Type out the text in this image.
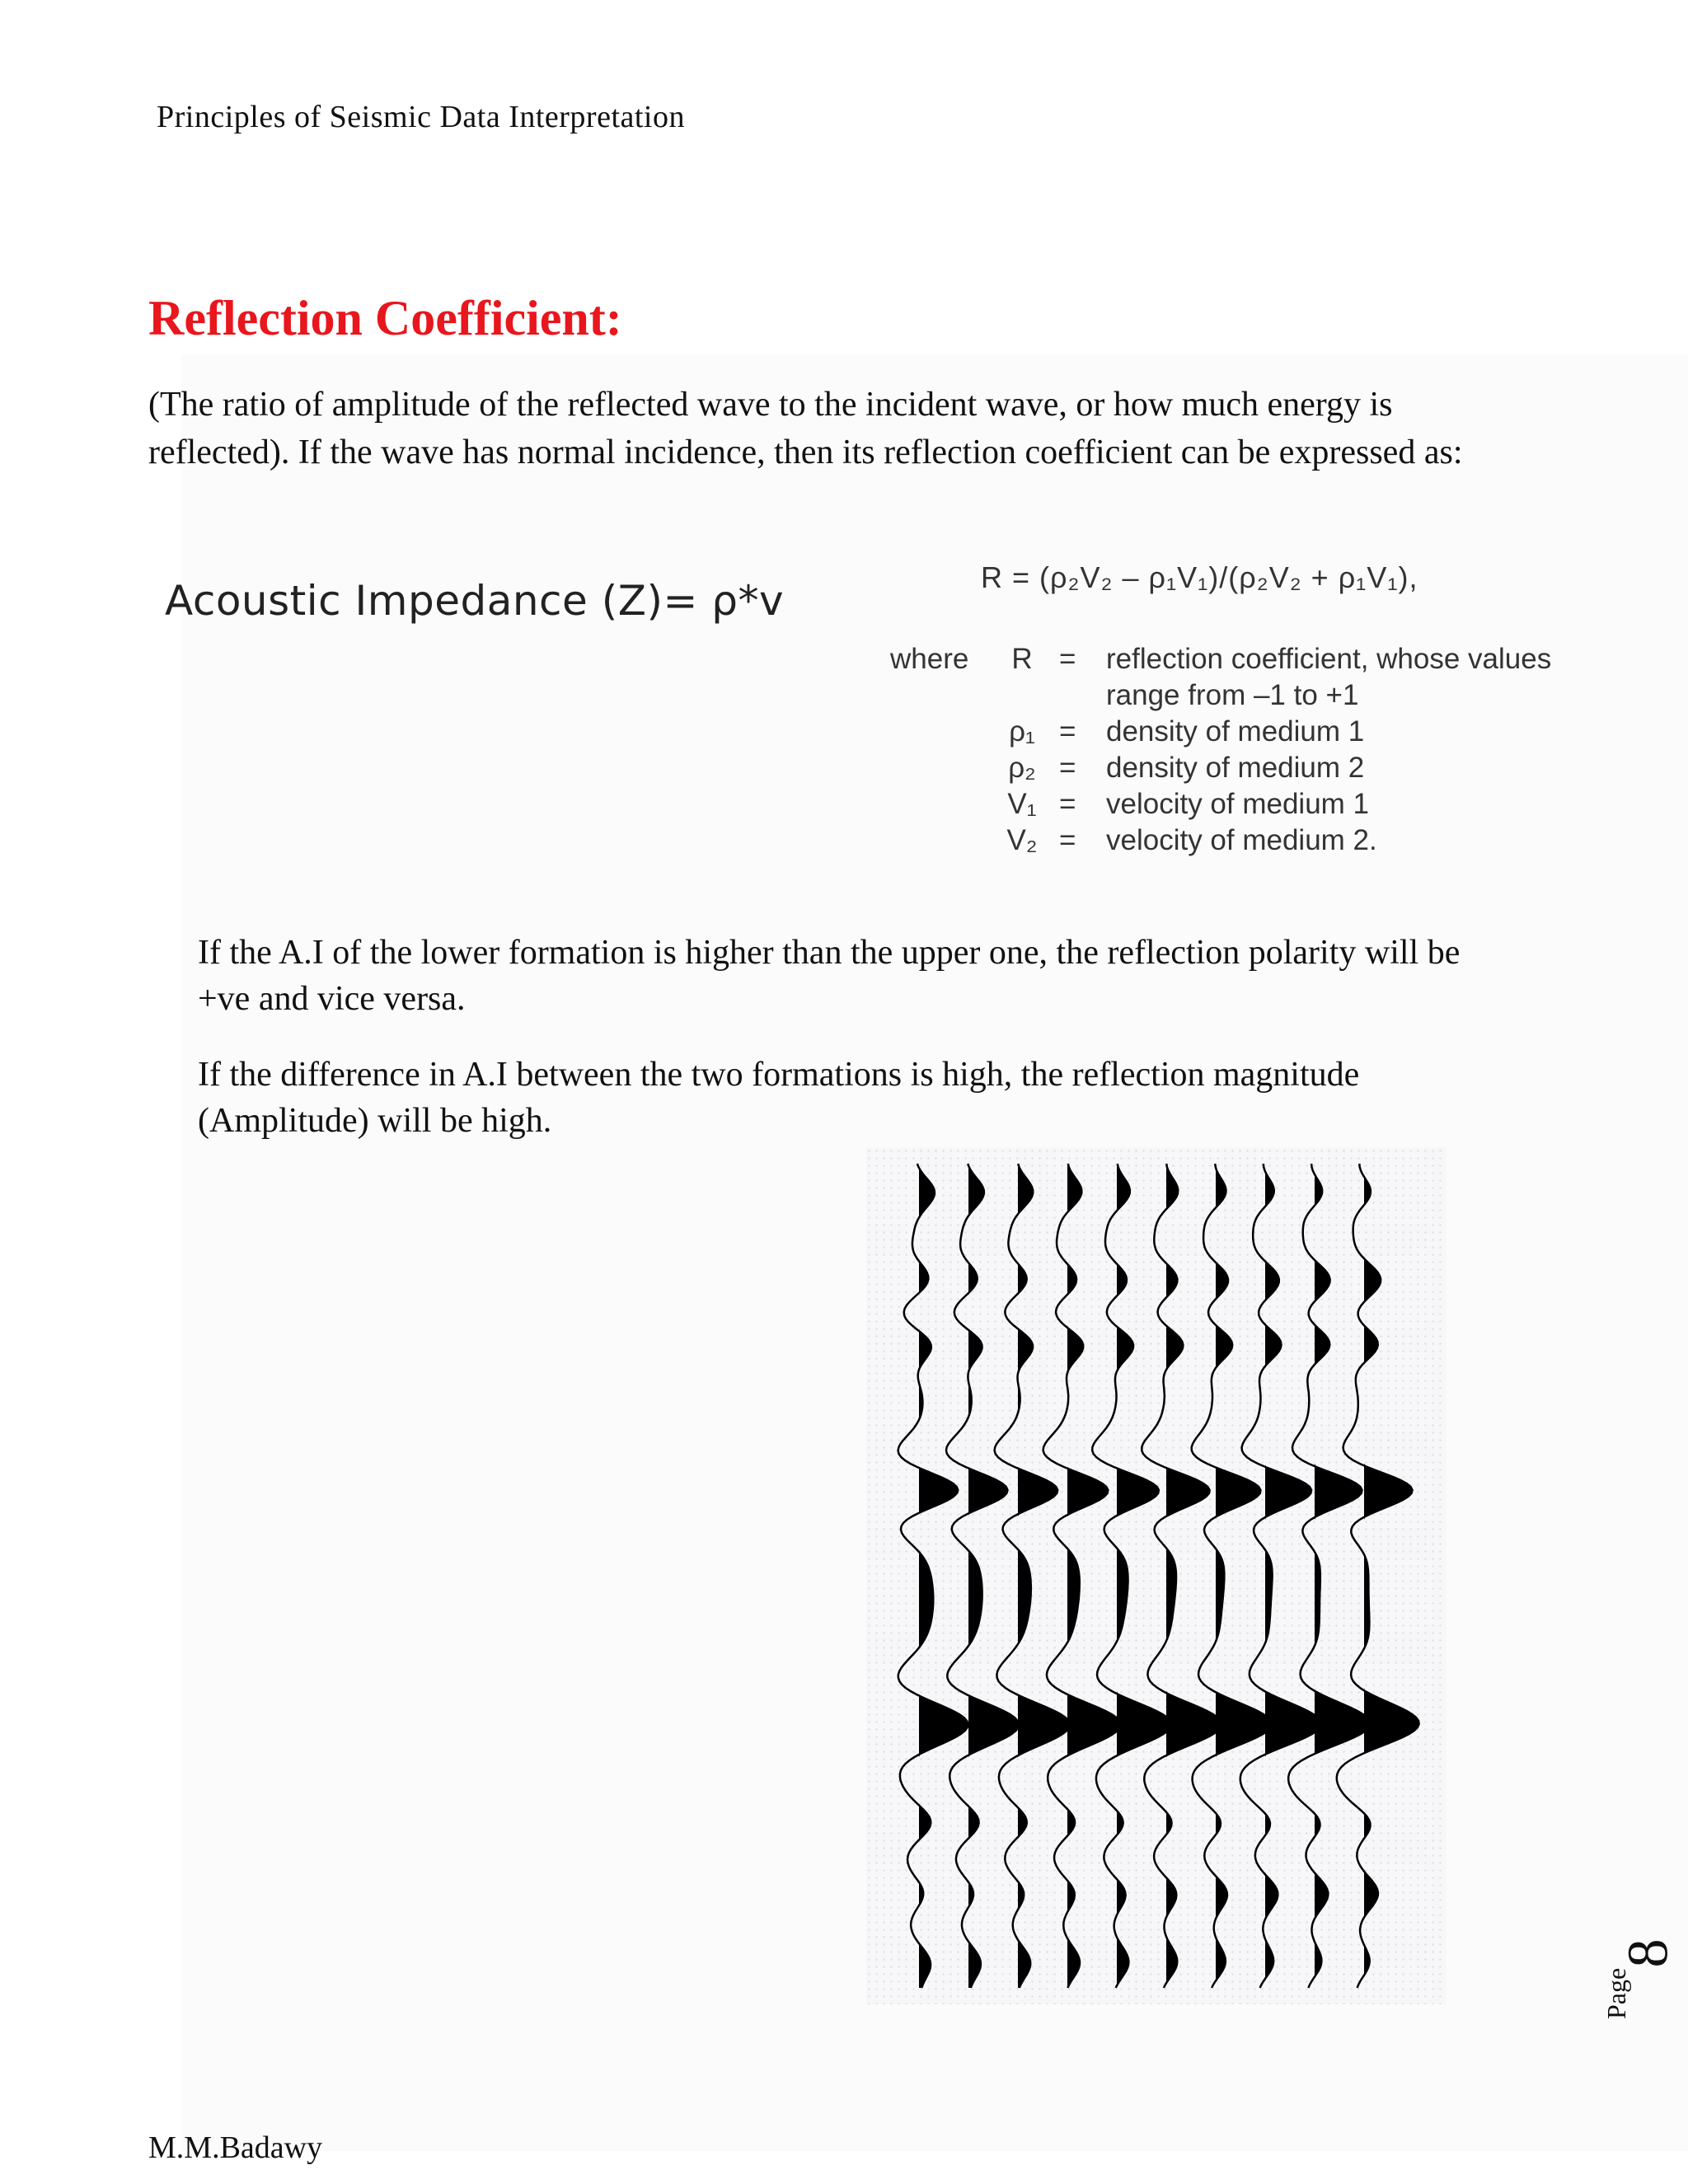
Principles of Seismic Data Interpretation
Reflection Coefficient:
(The ratio of amplitude of the reflected wave to the incident wave, or how much energy is
reflected). If the wave has normal incidence, then its reflection coefficient can be expressed as:
Acoustic Impedance (Z)= ρ*v	R = (ρ₂V₂ – ρ₁V₁)/(ρ₂V₂ + ρ₁V₁),
where	R = reflection coefficient, whose values
range from –1 to +1
ρ₁ = density of medium 1
ρ₂ = density of medium 2
V₁ = velocity of medium 1
V₂ = velocity of medium 2.
If the A.I of the lower formation is higher than the upper one, the reflection polarity will be
+ve and vice versa.
If the difference in A.I between the two formations is high, the reflection magnitude
(Amplitude) will be high.
M.M.Badawy
Page
8
